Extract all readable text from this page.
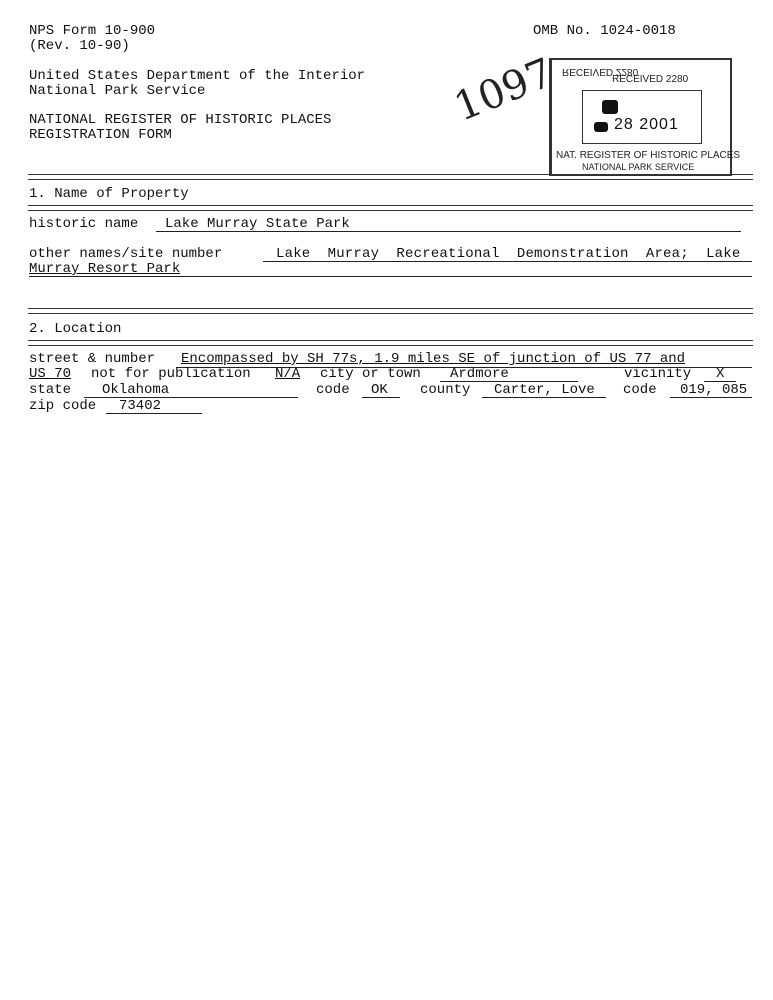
NPS Form 10-900
(Rev. 10-90)
OMB No. 1024-0018
United States Department of the Interior
National Park Service
NATIONAL REGISTER OF HISTORIC PLACES
REGISTRATION FORM
1097 RECEIVED 2280
RECEIVED 2280
28 2001
NAT. REGISTER OF HISTORIC PLACES
NATIONAL PARK SERVICE
1. Name of Property
historic name Lake Murray State Park
other names/site number	Lake  Murray  Recreational  Demonstration  Area;  Lake
Murray Resort Park
2. Location
street & number Encompassed by SH 77s, 1.9 miles SE of junction of US 77 and
US 70 not for publication N/A city or town Ardmore	vicinity X
state Oklahoma	code OK county Carter, Love code 019, 085
zip code 73402
